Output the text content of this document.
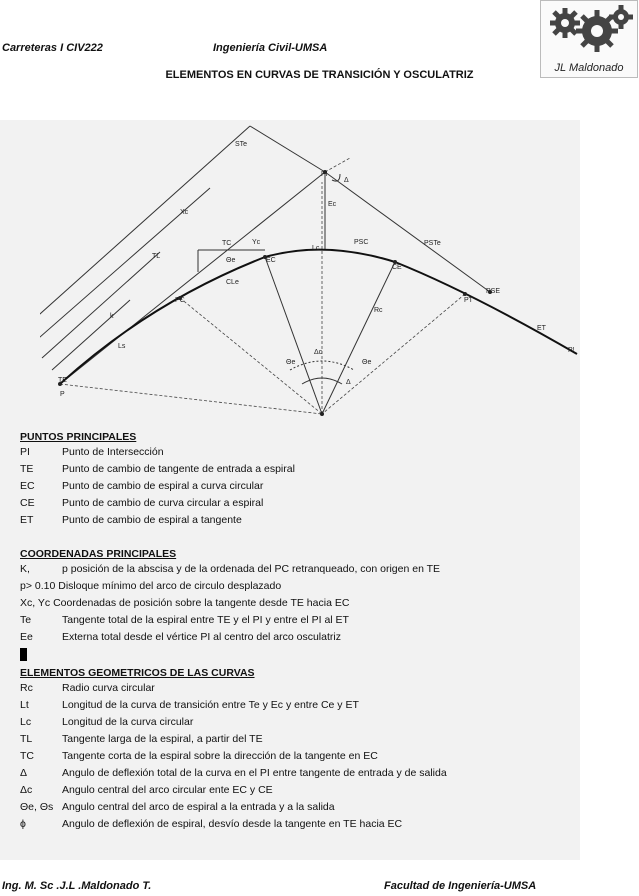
Carreteras I CIV222	Ingeniería Civil-UMSA
ELEMENTOS EN CURVAS DE TRANSICIÓN Y OSCULATRIZ
JL Maldonado
STe
PI
Δ
Ec
Xc
TC	Yc
Lc
PSC	PSTe
TL
Θe	EC
CE
PSE
PC
CLe
Rc
PT
k
ET
P!
Ls
Δc
Θe	Θe
Δ
TE
P

PUNTOS PRINCIPALES

PI	Punto de Intersección
TE	Punto de cambio de tangente de entrada a espiral
EC	Punto de cambio de espiral a curva circular
CE	Punto de cambio de curva circular a espiral
ET	Punto de cambio de espiral a tangente

COORDENADAS PRINCIPALES

K,	p posición de la abscisa y de la ordenada del PC retranqueado, con origen en TE
p> 0.10 Disloque mínimo del arco de circulo desplazado
Xc, Yc Coordenadas de posición sobre la tangente desde TE hacia EC
Te	Tangente total de la espiral entre TE y el PI y entre el PI al ET
Ee	Externa total desde el vértice PI al centro del arco osculatriz

ELEMENTOS GEOMETRICOS DE LAS CURVAS

Rc	Radio curva circular
Lt	Longitud de la curva de transición entre Te y Ec y entre Ce y ET
Lc	Longitud de la curva circular
TL	Tangente larga de la espiral, a partir del TE
TC	Tangente corta de la espiral sobre la dirección de la tangente en EC
Δ	Angulo de deflexión total de la curva en el PI entre tangente de entrada y de salida
Δc	Angulo central del arco circular ente EC y CE
Θe, Θs Angulo central del arco de espiral a la entrada y a la salida
ϕ	Angulo de deflexión de espiral, desvío desde la tangente en TE hacia EC
Ing. M. Sc .J.L .Maldonado T.	Facultad de Ingeniería-UMSA
